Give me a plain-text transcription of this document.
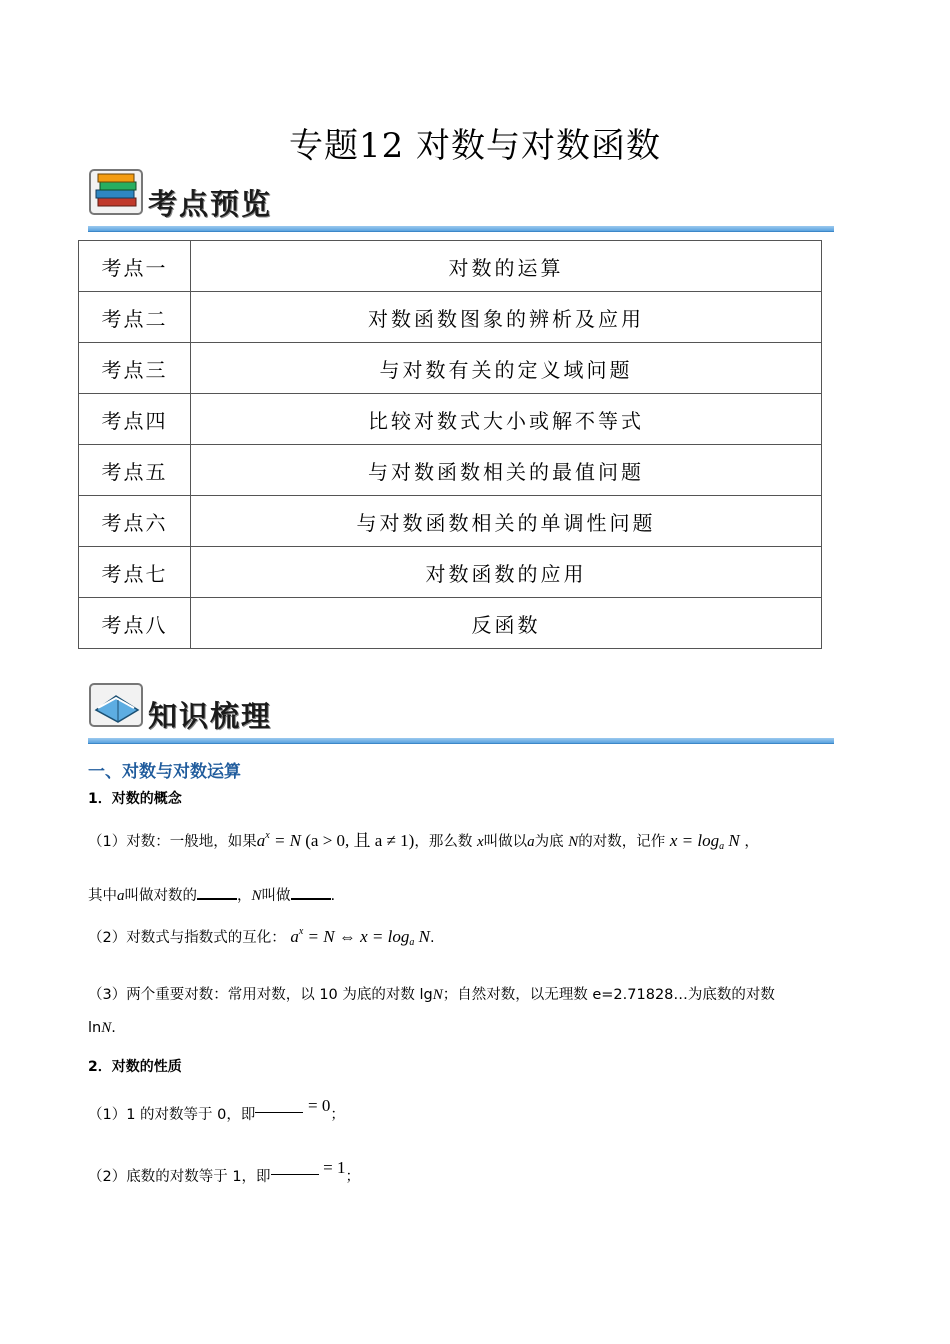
专题12 对数与对数函数
考点预览
考点一	对数的运算
考点二	对数函数图象的辨析及应用
考点三	与对数有关的定义域问题
考点四	比较对数式大小或解不等式
考点五	与对数函数相关的最值问题
考点六	与对数函数相关的单调性问题
考点七	对数函数的应用
考点八	反函数
知识梳理
一、对数与对数运算
1．对数的概念
（1）对数：一般地，如果$a^x = N$ (a > 0, 且 a ≠ 1)，那么数 x叫做以a为底 N的对数，记作 $x = \log_a N$ ，
其中a叫做对数的	，N叫做	.
（2）对数式与指数式的互化： $a^x = N$ ⇔ $x = \log_a N$.
（3）两个重要对数：常用对数，以 10 为底的对数 lgN；自然对数，以无理数 e=2.71828…为底数的对数
lnN.
2．对数的性质
（1）1 的对数等于 0，即	= 0；
（2）底数的对数等于 1，即	= 1；
